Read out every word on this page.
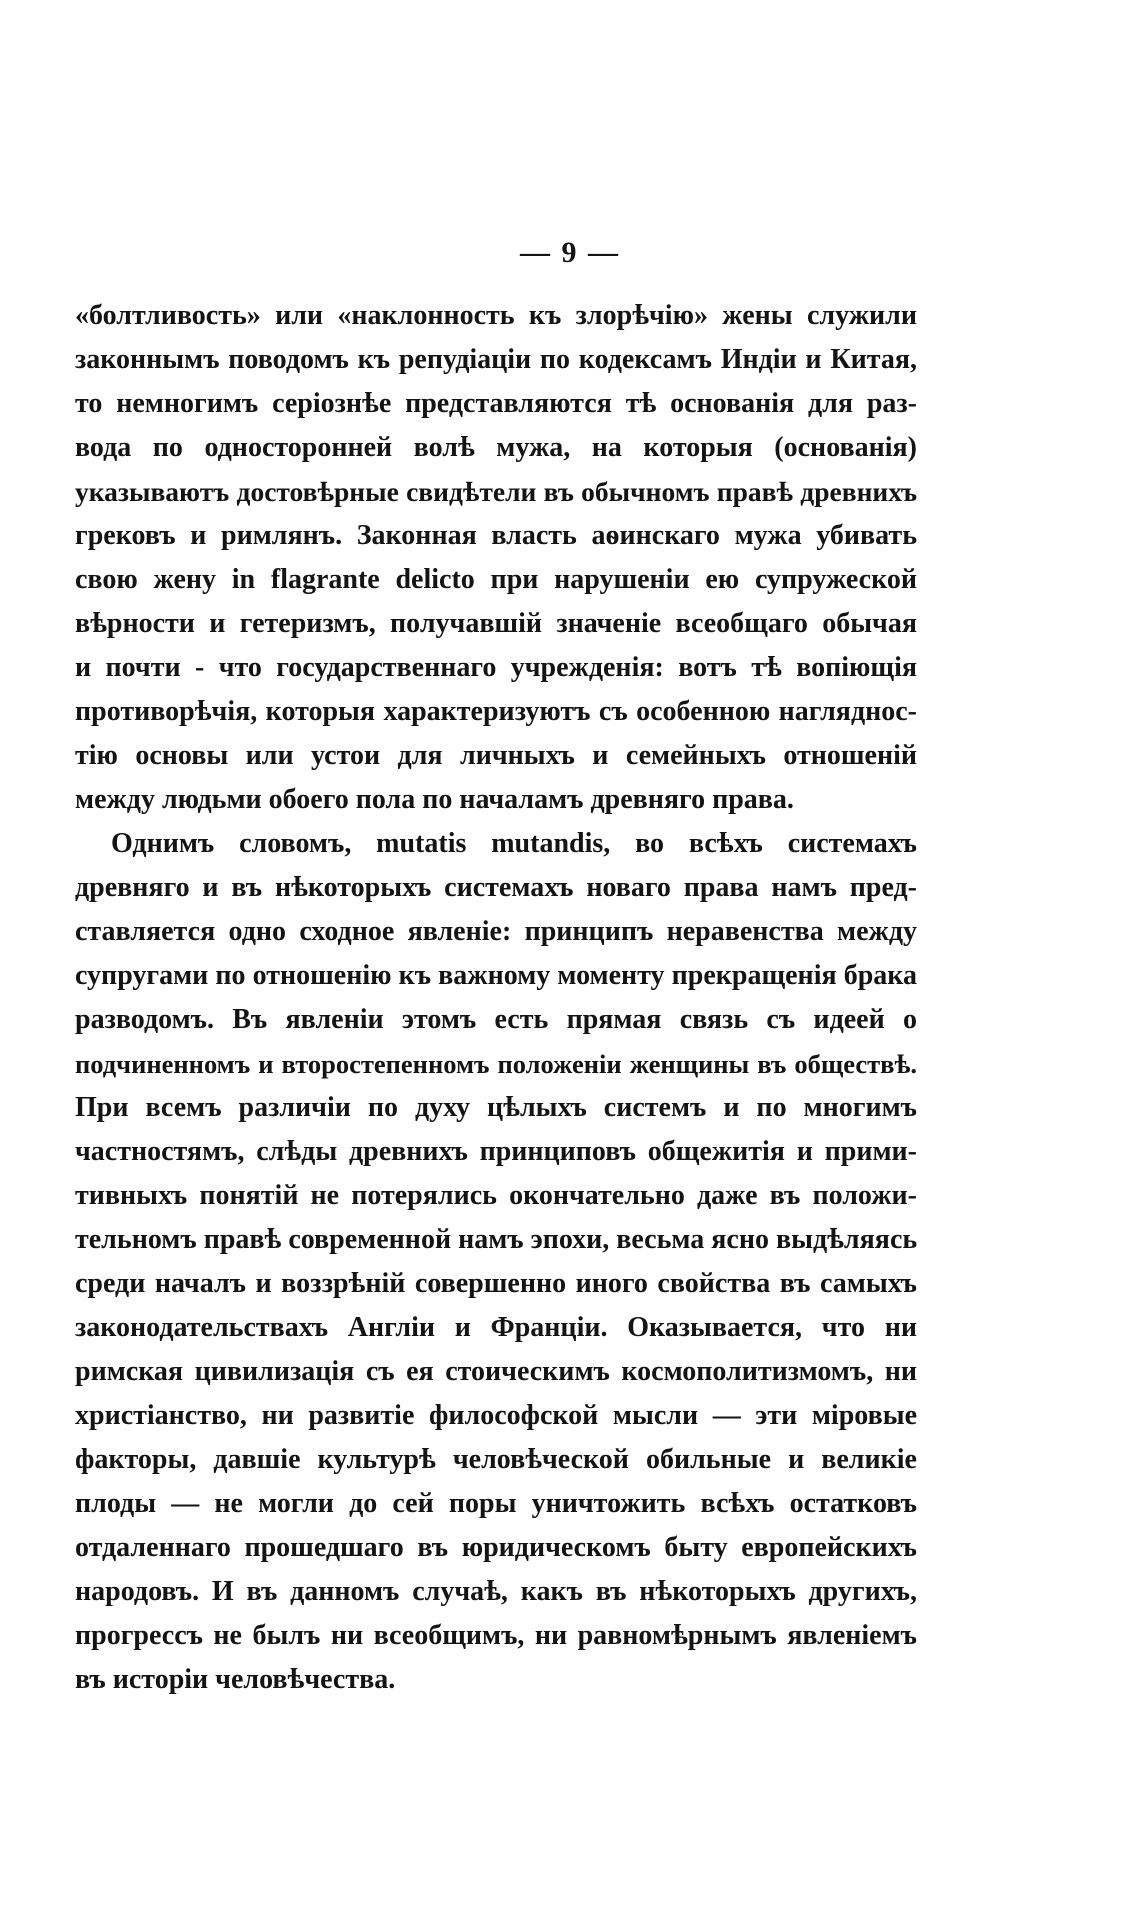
— 9 —
«болтливость» или «наклонность къ злорѣчію» жены служили
законнымъ поводомъ къ репудіаціи по кодексамъ Индіи и Китая,
то немногимъ серіознѣе представляются тѣ основанія для раз-
вода по односторонней волѣ мужа, на которыя (основанія)
указываютъ достовѣрные свидѣтели въ обычномъ правѣ древнихъ
грековъ и римлянъ. Законная власть аѳинскаго мужа убивать
свою жену in flagrante delicto при нарушеніи ею супружеской
вѣрности и гетеризмъ, получавшій значеніе всеобщаго обычая
и почти - что государственнаго учрежденія: вотъ тѣ вопіющія
противорѣчія, которыя характеризуютъ съ особенною нагляднос-
тію основы или устои для личныхъ и семейныхъ отношеній
между людьми обоего пола по началамъ древняго права.
Однимъ словомъ, mutatis mutandis, во всѣхъ системахъ
древняго и въ нѣкоторыхъ системахъ новаго права намъ пред-
ставляется одно сходное явленіе: принципъ неравенства между
супругами по отношенію къ важному моменту прекращенія брака
разводомъ. Въ явленіи этомъ есть прямая связь съ идеей о
подчиненномъ и второстепенномъ положеніи женщины въ обществѣ.
При всемъ различіи по духу цѣлыхъ системъ и по многимъ
частностямъ, слѣды древнихъ принциповъ общежитія и прими-
тивныхъ понятій не потерялись окончательно даже въ положи-
тельномъ правѣ современной намъ эпохи, весьма ясно выдѣляясь
среди началъ и воззрѣній совершенно иного свойства въ самыхъ
законодательствахъ Англіи и Франціи. Оказывается, что ни
римская цивилизація съ ея стоическимъ космополитизмомъ, ни
христіанство, ни развитіе философской мысли — эти міровые
факторы, давшіе культурѣ человѣческой обильные и великіе
плоды — не могли до сей поры уничтожить всѣхъ остатковъ
отдаленнаго прошедшаго въ юридическомъ быту европейскихъ
народовъ. И въ данномъ случаѣ, какъ въ нѣкоторыхъ другихъ,
прогрессъ не былъ ни всеобщимъ, ни равномѣрнымъ явленіемъ
въ исторіи человѣчества.
